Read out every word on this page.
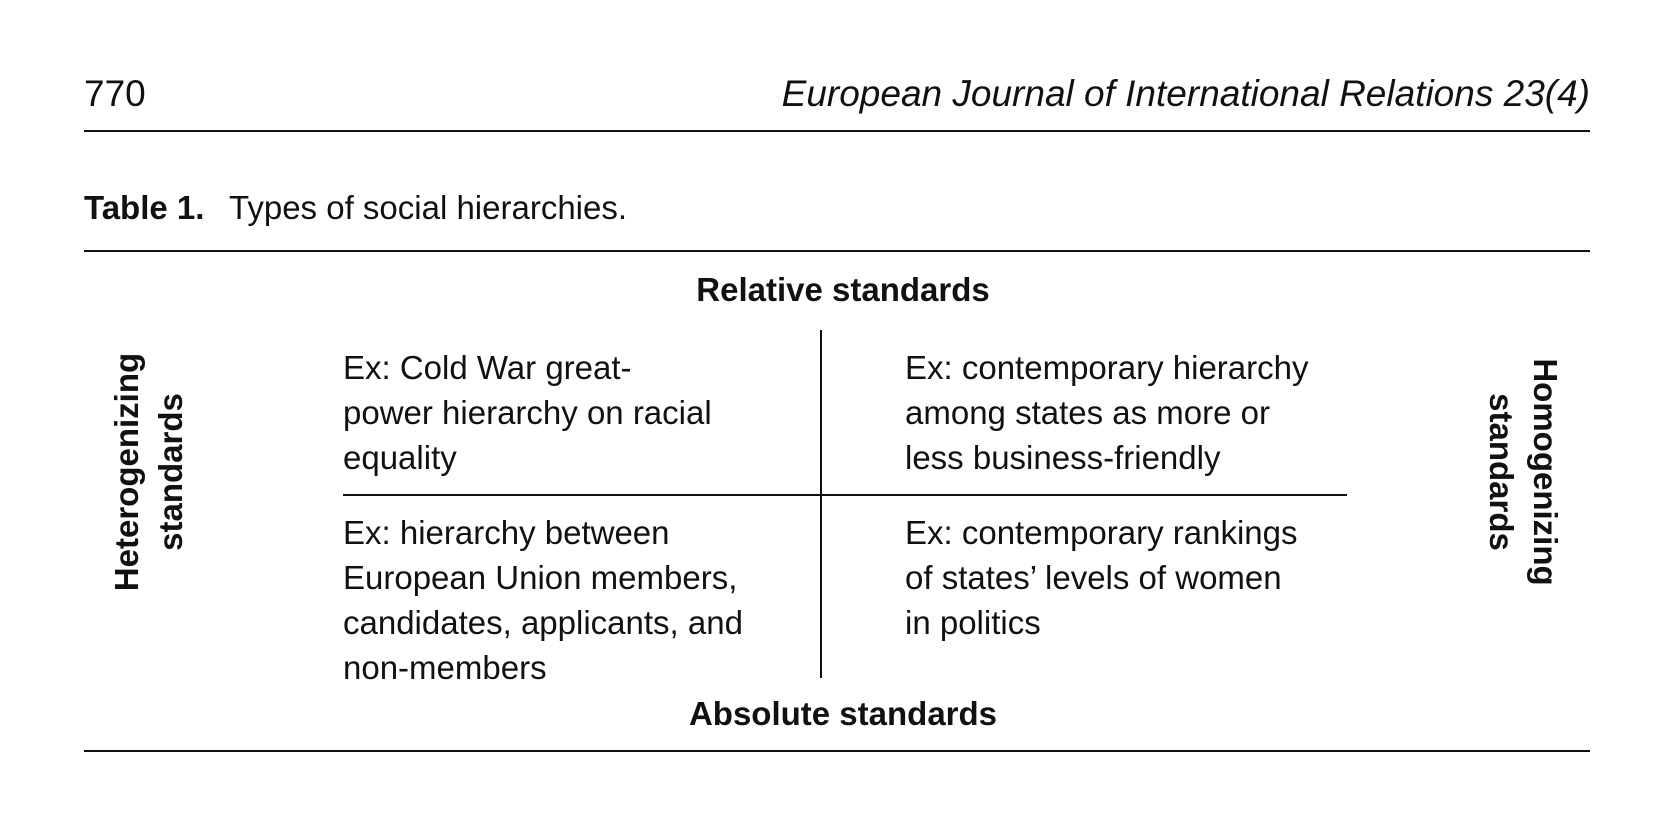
770	European Journal of International Relations 23(4)
Table 1. Types of social hierarchies.
Relative standards
Heterogenizing standards	Homogenizing standards
Ex: Cold War great-
power hierarchy on racial
equality
Ex: contemporary hierarchy
among states as more or
less business-friendly
Ex: hierarchy between
European Union members,
candidates, applicants, and
non-members
Ex: contemporary rankings
of states’ levels of women
in politics
Absolute standards
